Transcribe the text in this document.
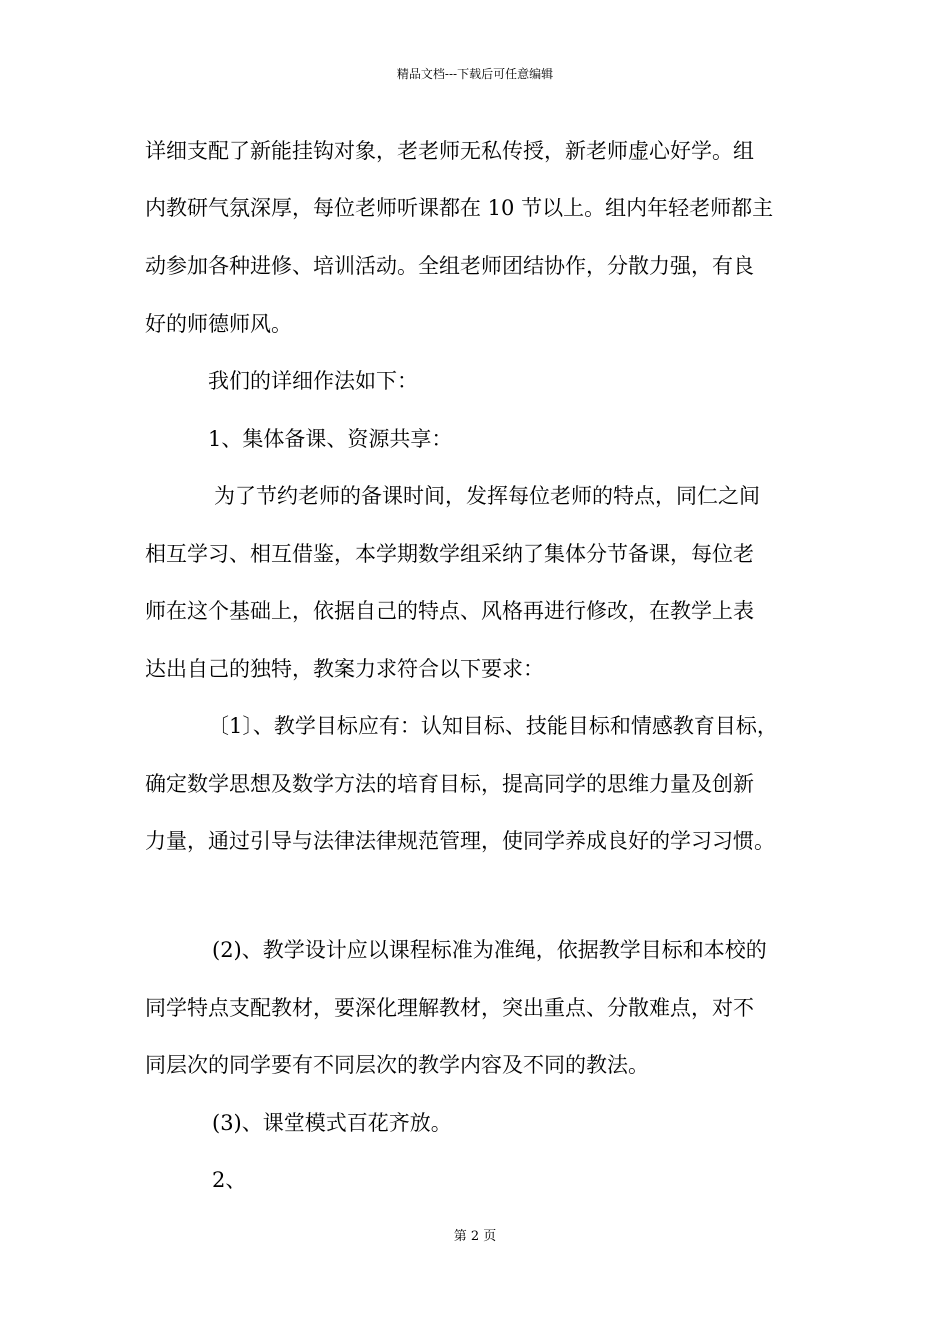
精品文档---下载后可任意编辑
详细支配了新能挂钩对象，老老师无私传授，新老师虚心好学。组
内教研气氛深厚，每位老师听课都在 10 节以上。组内年轻老师都主
动参加各种进修、培训活动。全组老师团结协作，分散力强，有良
好的师德师风。
我们的详细作法如下：
1、集体备课、资源共享：
为了节约老师的备课时间，发挥每位老师的特点，同仁之间
相互学习、相互借鉴，本学期数学组采纳了集体分节备课，每位老
师在这个基础上，依据自己的特点、风格再进行修改，在教学上表
达出自己的独特，教案力求符合以下要求：
〔1〕、教学目标应有：认知目标、技能目标和情感教育目标，
确定数学思想及数学方法的培育目标，提高同学的思维力量及创新
力量，通过引导与法律法律规范管理，使同学养成良好的学习习惯。
(2)、教学设计应以课程标准为准绳，依据教学目标和本校的
同学特点支配教材，要深化理解教材，突出重点、分散难点，对不
同层次的同学要有不同层次的教学内容及不同的教法。
(3)、课堂模式百花齐放。
2、
第 2 页
